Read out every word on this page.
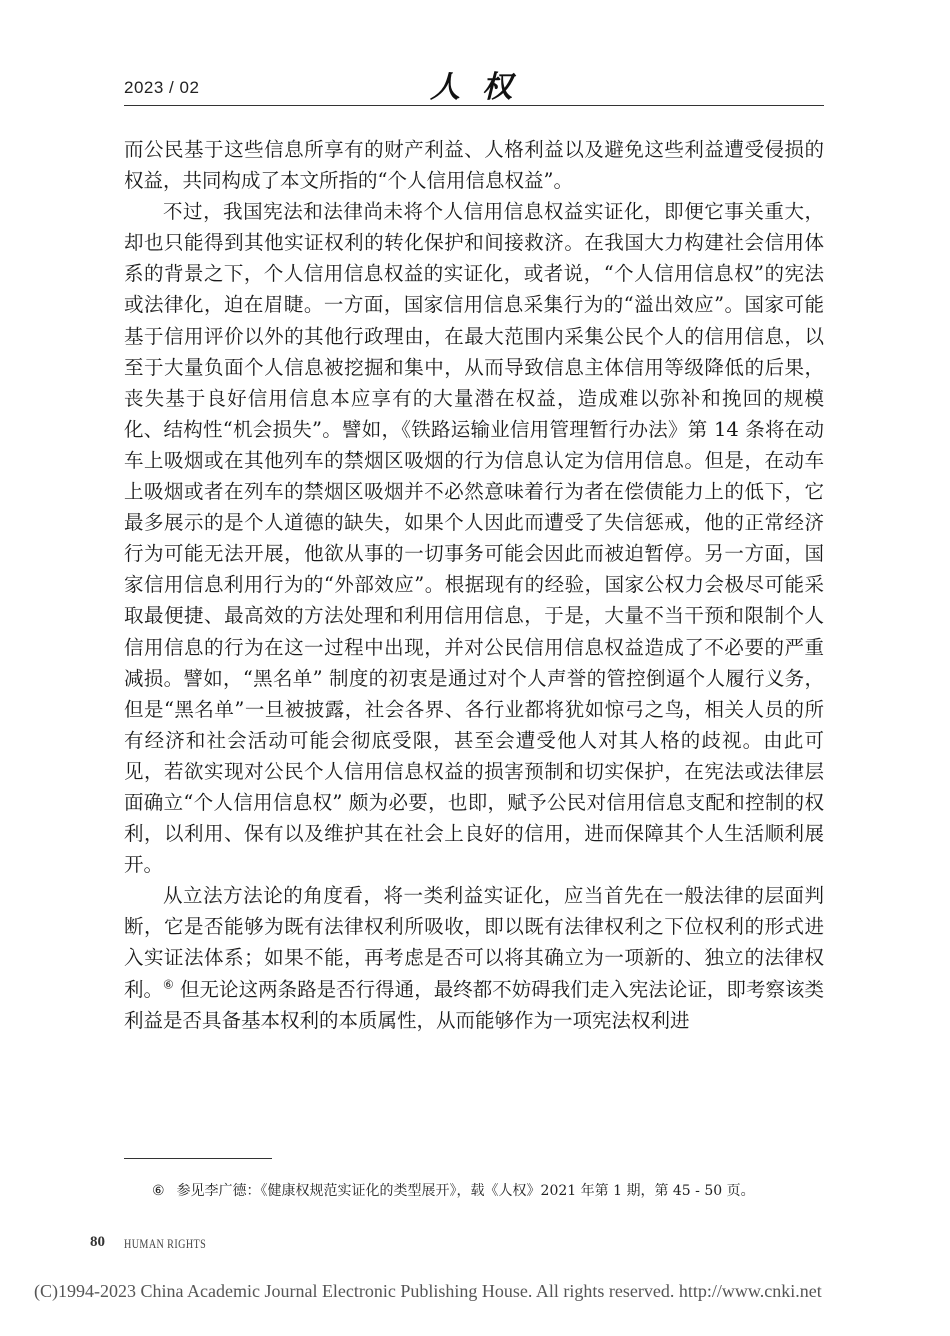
2023 / 02	人权

而公民基于这些信息所享有的财产利益、人格利益以及避免这些利益遭受侵损的权益，共同构成了本文所指的“个人信用信息权益”。

不过，我国宪法和法律尚未将个人信用信息权益实证化，即便它事关重大，却也只能得到其他实证权利的转化保护和间接救济。在我国大力构建社会信用体系的背景之下，个人信用信息权益的实证化，或者说，“个人信用信息权”的宪法或法律化，迫在眉睫。一方面，国家信用信息采集行为的“溢出效应”。国家可能基于信用评价以外的其他行政理由，在最大范围内采集公民个人的信用信息，以至于大量负面个人信息被挖掘和集中，从而导致信息主体信用等级降低的后果，丧失基于良好信用信息本应享有的大量潜在权益，造成难以弥补和挽回的规模化、结构性“机会损失”。譬如，《铁路运输业信用管理暂行办法》第 14 条将在动车上吸烟或在其他列车的禁烟区吸烟的行为信息认定为信用信息。但是，在动车上吸烟或者在列车的禁烟区吸烟并不必然意味着行为者在偿债能力上的低下，它最多展示的是个人道德的缺失，如果个人因此而遭受了失信惩戒，他的正常经济行为可能无法开展，他欲从事的一切事务可能会因此而被迫暂停。另一方面，国家信用信息利用行为的“外部效应”。根据现有的经验，国家公权力会极尽可能采取最便捷、最高效的方法处理和利用信用信息，于是，大量不当干预和限制个人信用信息的行为在这一过程中出现，并对公民信用信息权益造成了不必要的严重减损。譬如，“黑名单” 制度的初衷是通过对个人声誉的管控倒逼个人履行义务，但是“黑名单”一旦被披露，社会各界、各行业都将犹如惊弓之鸟，相关人员的所有经济和社会活动可能会彻底受限，甚至会遭受他人对其人格的歧视。由此可见，若欲实现对公民个人信用信息权益的损害预制和切实保护，在宪法或法律层面确立“个人信用信息权” 颇为必要，也即，赋予公民对信用信息支配和控制的权利，以利用、保有以及维护其在社会上良好的信用，进而保障其个人生活顺利展开。

从立法方法论的角度看，将一类利益实证化，应当首先在一般法律的层面判断，它是否能够为既有法律权利所吸收，即以既有法律权利之下位权利的形式进入实证法体系；如果不能，再考虑是否可以将其确立为一项新的、独立的法律权利。⑥ 但无论这两条路是否行得通，最终都不妨碍我们走入宪法论证，即考察该类利益是否具备基本权利的本质属性，从而能够作为一项宪法权利进

⑥ 参见李广德：《健康权规范实证化的类型展开》，载《人权》2021 年第 1 期，第 45 - 50 页。
80 HUMAN RIGHTS
(C)1994-2023 China Academic Journal Electronic Publishing House. All rights reserved. http://www.cnki.net
